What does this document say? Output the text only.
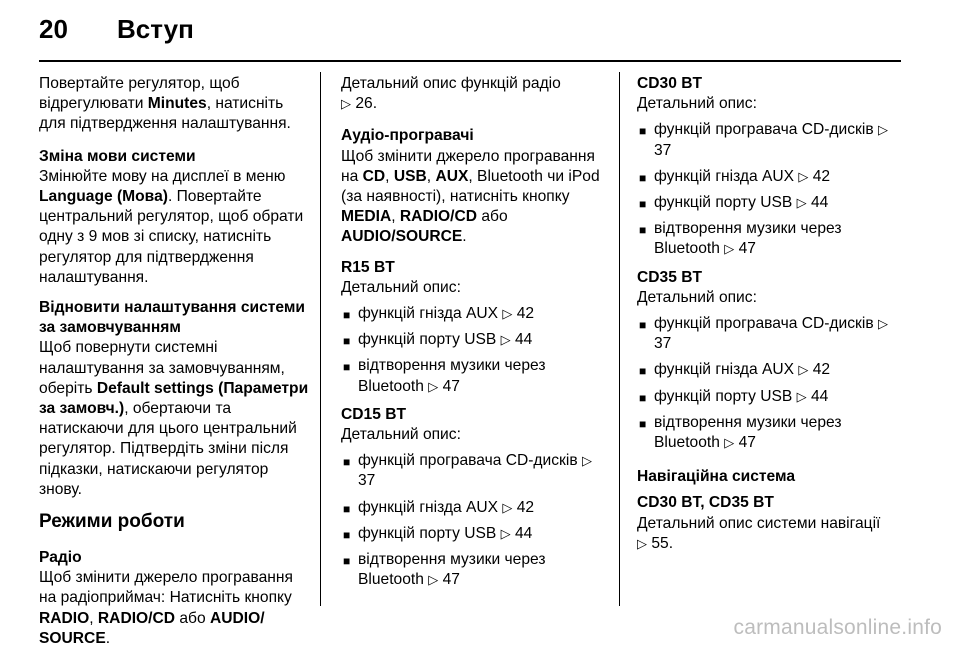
20 Вступ

Повертайте регулятор, щоб відрегулювати Minutes, натисніть для підтвердження налаштування.

Зміна мови системи
Змінюйте мову на дисплеї в меню Language (Мова). Повертайте центральний регулятор, щоб обрати одну з 9 мов зі списку, натисніть регулятор для підтвердження налаштування.
Відновити налаштування системи за замовчуванням
Щоб повернути системні налаштування за замовчуванням, оберіть Default settings (Параметри за замовч.), обертаючи та натискаючи для цього центральний регулятор. Підтвердіть зміни після підказки, натискаючи регулятор знову.
Режими роботи
Радіо
Щоб змінити джерело програвання на радіоприймач: Натисніть кнопку RADIO, RADIO/CD або AUDIO/ SOURCE.

Детальний опис функцій радіо
▷ 26.

Аудіо-програвачі
Щоб змінити джерело програвання на CD, USB, AUX, Bluetooth чи iPod (за наявності), натисніть кнопку MEDIA, RADIO/CD або AUDIO/SOURCE.
R15 BT
Детальний опис:
■ функцій гнізда AUX ▷ 42
■ функцій порту USB ▷ 44
■ відтворення музики через Bluetooth ▷ 47
CD15 BT
Детальний опис:
■ функцій програвача CD-дисків ▷ 37
■ функцій гнізда AUX ▷ 42
■ функцій порту USB ▷ 44
■ відтворення музики через Bluetooth ▷ 47
CD30 BT
Детальний опис:
■ функцій програвача CD-дисків ▷ 37
■ функцій гнізда AUX ▷ 42
■ функцій порту USB ▷ 44
■ відтворення музики через Bluetooth ▷ 47
CD35 BT
Детальний опис:
■ функцій програвача CD-дисків ▷ 37
■ функцій гнізда AUX ▷ 42
■ функцій порту USB ▷ 44
■ відтворення музики через Bluetooth ▷ 47
Навігаційна система
CD30 BT, CD35 BT
Детальний опис системи навігації
▷ 55.
carmanualsonline.info
